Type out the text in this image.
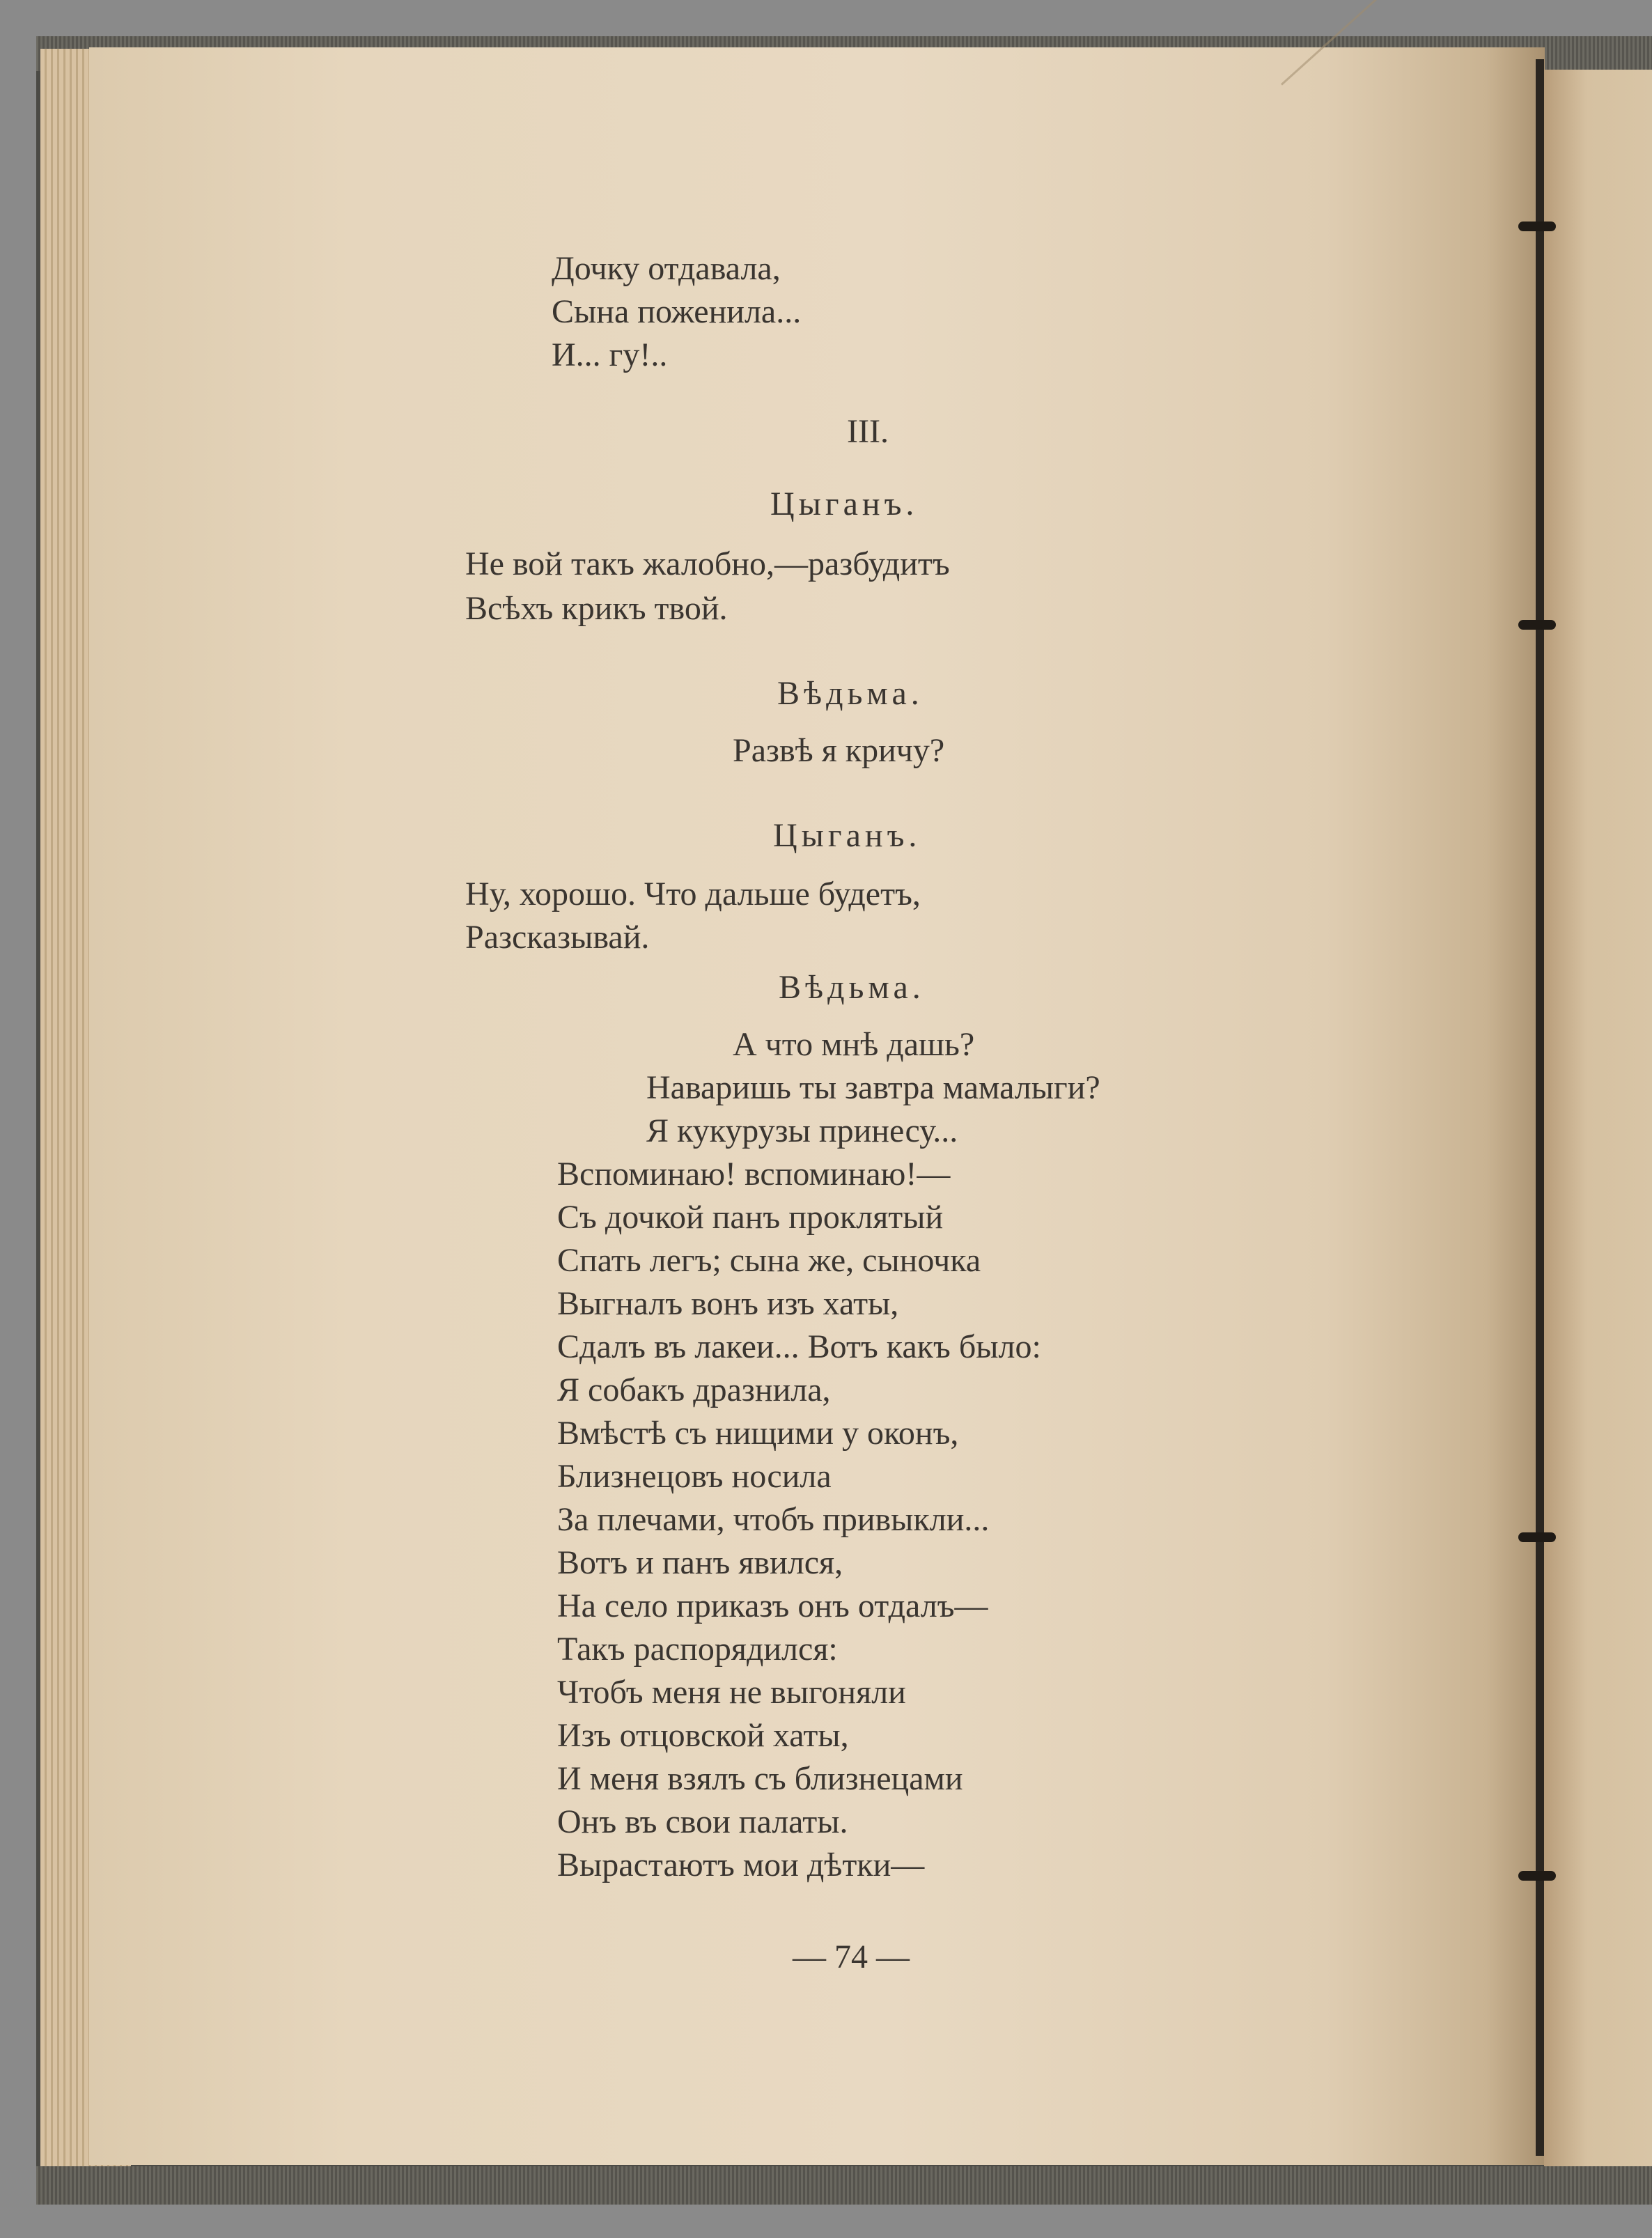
Дочку отдавала,
Сына поженила...
И... гу!..
III.
Цыганъ.
Не вой такъ жалобно,—разбудитъ
Всѣхъ крикъ твой.
Вѣдьма.
Развѣ я кричу?
Цыганъ.
Ну, хорошо. Что дальше будетъ,
Разсказывай.
Вѣдьма.
А что мнѣ дашь?
Наваришь ты завтра мамалыги?
Я кукурузы принесу...
Вспоминаю! вспоминаю!—
Съ дочкой панъ проклятый
Спать легъ; сына же, сыночка
Выгналъ вонъ изъ хаты,
Сдалъ въ лакеи... Вотъ какъ было:
Я собакъ дразнила,
Вмѣстѣ съ нищими у оконъ,
Близнецовъ носила
За плечами, чтобъ привыкли...
Вотъ и панъ явился,
На село приказъ онъ отдалъ—
Такъ распорядился:
Чтобъ меня не выгоняли
Изъ отцовской хаты,
И меня взялъ съ близнецами
Онъ въ свои палаты.
Вырастаютъ мои дѣтки—
— 74 —
